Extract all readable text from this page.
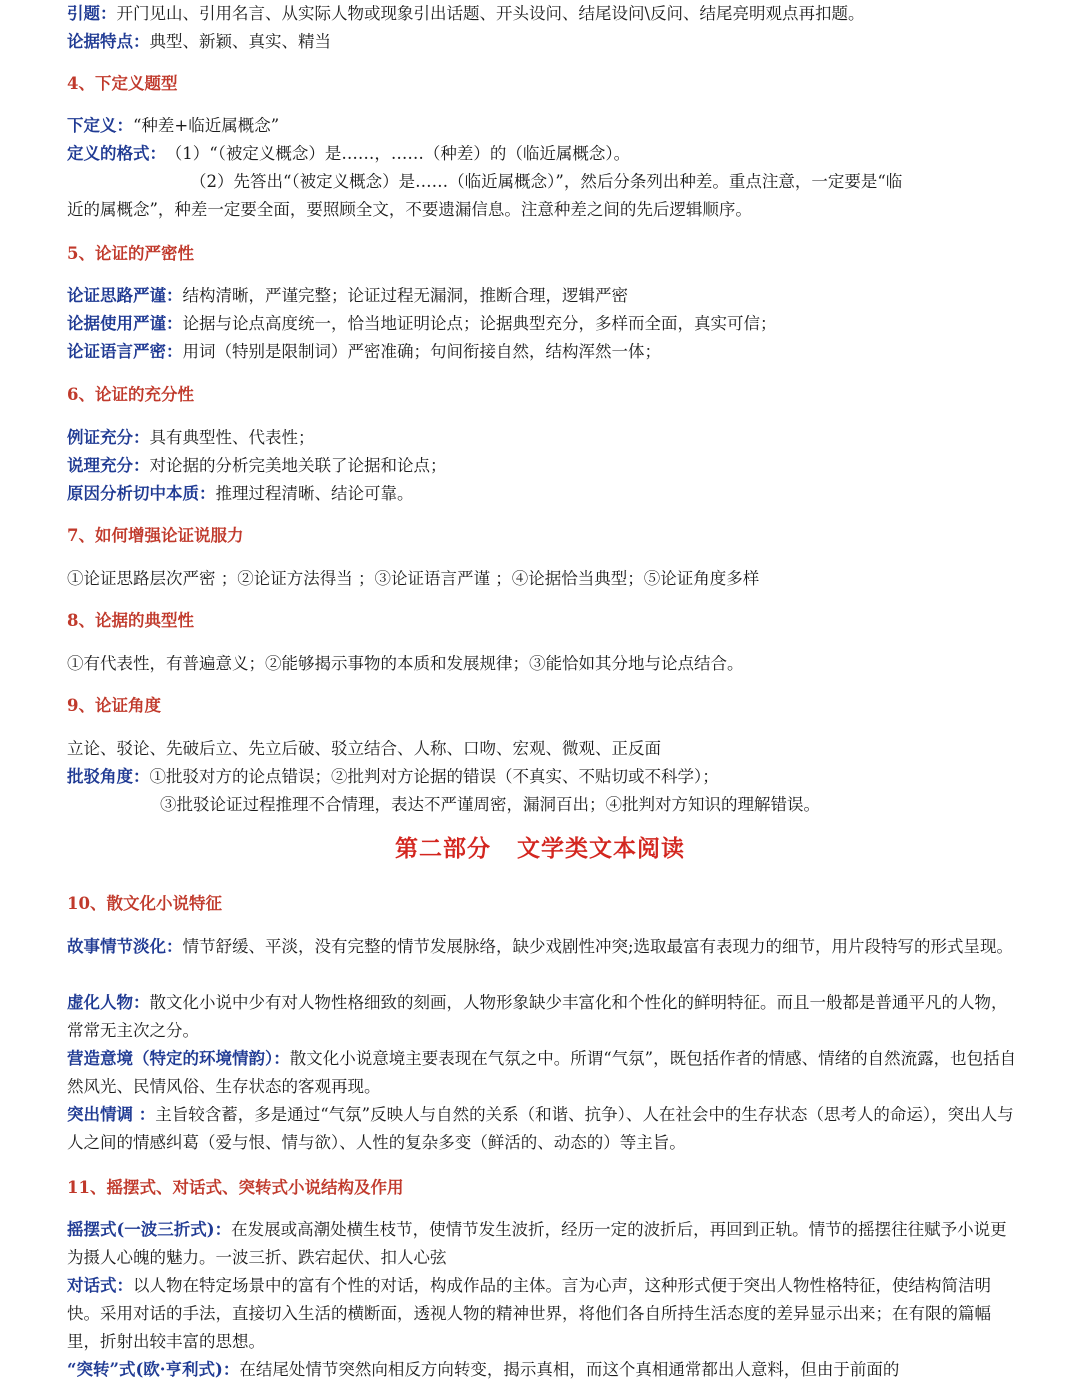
引题：开门见山、引用名言、从实际人物或现象引出话题、开头设问、结尾设问\反问、结尾亮明观点再扣题。
论据特点：典型、新颖、真实、精当
4、下定义题型
下定义：“种差+临近属概念”
定义的格式： （1）“（被定义概念）是……，……（种差）的（临近属概念）。
（2）先答出“（被定义概念）是……（临近属概念）”，然后分条列出种差。重点注意，一定要是“临
近的属概念”，种差一定要全面，要照顾全文，不要遗漏信息。注意种差之间的先后逻辑顺序。
5、论证的严密性
论证思路严谨：结构清晰，严谨完整；论证过程无漏洞，推断合理，逻辑严密
论据使用严谨：论据与论点高度统一，恰当地证明论点；论据典型充分，多样而全面，真实可信；
论证语言严密：用词（特别是限制词）严密准确；句间衔接自然，结构浑然一体；
6、论证的充分性
例证充分：具有典型性、代表性；
说理充分：对论据的分析完美地关联了论据和论点；
原因分析切中本质：推理过程清晰、结论可靠。
7、如何增强论证说服力
①论证思路层次严密 ；②论证方法得当 ；③论证语言严谨 ；④论据恰当典型；⑤论证角度多样
8、论据的典型性
①有代表性，有普遍意义；②能够揭示事物的本质和发展规律；③能恰如其分地与论点结合。
9、论证角度
立论、驳论、先破后立、先立后破、驳立结合、人称、口吻、宏观、微观、正反面
批驳角度：①批驳对方的论点错误；②批判对方论据的错误（不真实、不贴切或不科学）；
③批驳论证过程推理不合情理，表达不严谨周密，漏洞百出；④批判对方知识的理解错误。
第二部分 文学类文本阅读
10、散文化小说特征
故事情节淡化：情节舒缓、平淡，没有完整的情节发展脉络，缺少戏剧性冲突;选取最富有表现力的细节，用片段特写的形式呈现。
虚化人物：散文化小说中少有对人物性格细致的刻画，人物形象缺少丰富化和个性化的鲜明特征。而且一般都是普通平凡的人物，常常无主次之分。
营造意境（特定的环境情韵）：散文化小说意境主要表现在气氛之中。所谓“气氛”，既包括作者的情感、情绪的自然流露，也包括自然风光、民情风俗、生存状态的客观再现。
突出情调 ：主旨较含蓄，多是通过“气氛”反映人与自然的关系（和谐、抗争）、人在社会中的生存状态（思考人的命运），突出人与人之间的情感纠葛（爱与恨、情与欲）、人性的复杂多变（鲜活的、动态的）等主旨。
11、摇摆式、对话式、突转式小说结构及作用
摇摆式(一波三折式)：在发展或高潮处横生枝节，使情节发生波折，经历一定的波折后，再回到正轨。情节的摇摆往往赋予小说更为摄人心魄的魅力。一波三折、跌宕起伏、扣人心弦
对话式：以人物在特定场景中的富有个性的对话，构成作品的主体。言为心声，这种形式便于突出人物性格特征，使结构简洁明快。采用对话的手法，直接切入生活的横断面，透视人物的精神世界，将他们各自所持生活态度的差异显示出来；在有限的篇幅里，折射出较丰富的思想。
“突转”式(欧·亨利式)：在结尾处情节突然向相反方向转变，揭示真相，而这个真相通常都出人意料，但由于前面的
